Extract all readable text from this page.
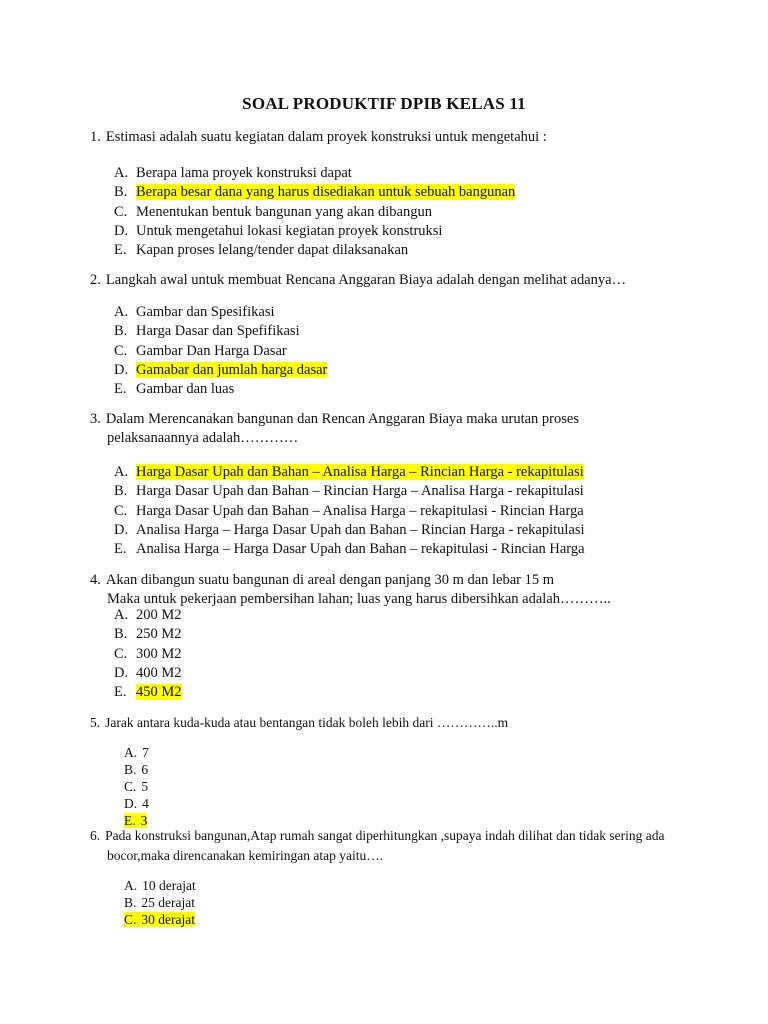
SOAL PRODUKTIF DPIB KELAS 11
1. Estimasi adalah suatu kegiatan dalam proyek konstruksi untuk mengetahui :
A. Berapa lama proyek konstruksi dapat
B. Berapa besar dana yang harus disediakan untuk sebuah bangunan
C. Menentukan bentuk bangunan yang akan dibangun
D. Untuk mengetahui lokasi kegiatan proyek konstruksi
E. Kapan proses lelang/tender dapat dilaksanakan
2. Langkah awal untuk membuat Rencana Anggaran Biaya adalah dengan melihat adanya…
A. Gambar dan Spesifikasi
B. Harga Dasar dan Spefifikasi
C. Gambar Dan Harga Dasar
D. Gamabar dan jumlah harga dasar
E. Gambar dan luas
3. Dalam Merencanakan bangunan dan Rencan Anggaran Biaya maka urutan proses
pelaksanaannya adalah…………
A. Harga Dasar Upah dan Bahan – Analisa Harga – Rincian Harga - rekapitulasi
B. Harga Dasar Upah dan Bahan – Rincian Harga – Analisa Harga - rekapitulasi
C. Harga Dasar Upah dan Bahan – Analisa Harga – rekapitulasi - Rincian Harga
D. Analisa Harga – Harga Dasar Upah dan Bahan – Rincian Harga - rekapitulasi
E. Analisa Harga – Harga Dasar Upah dan Bahan – rekapitulasi - Rincian Harga
4. Akan dibangun suatu bangunan di areal dengan panjang 30 m dan lebar 15 m
Maka untuk pekerjaan pembersihan lahan; luas yang harus dibersihkan adalah………..
A. 200 M2
B. 250 M2
C. 300 M2
D. 400 M2
E. 450 M2
5. Jarak antara kuda-kuda atau bentangan tidak boleh lebih dari …………..m
A. 7
B. 6
C. 5
D. 4
E. 3
6. Pada konstruksi bangunan,Atap rumah sangat diperhitungkan ,supaya indah dilihat dan tidak sering ada
bocor,maka direncanakan kemiringan atap yaitu….
A. 10 derajat
B. 25 derajat
C. 30 derajat
